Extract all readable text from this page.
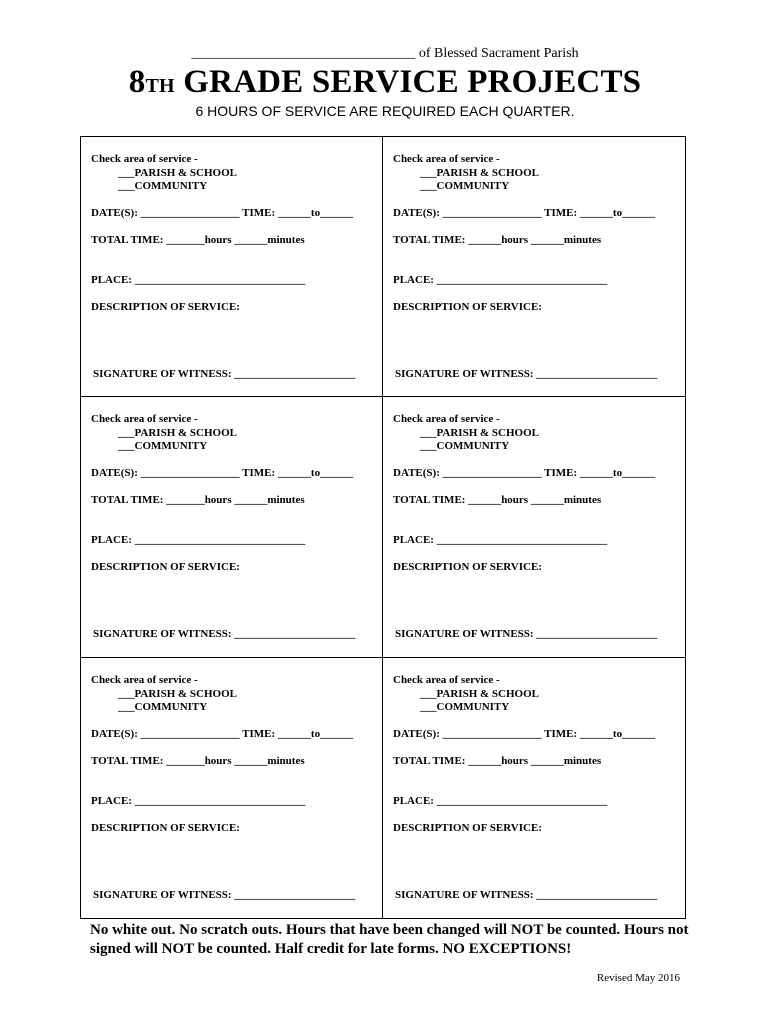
________________________________ of Blessed Sacrament Parish
8TH GRADE SERVICE PROJECTS
6 HOURS OF SERVICE ARE REQUIRED EACH QUARTER.
Check area of service -
___PARISH & SCHOOL
___COMMUNITY
DATE(S): __________________ TIME: ______to______
TOTAL TIME: _______hours ______minutes
PLACE: _______________________________
DESCRIPTION OF SERVICE:
SIGNATURE OF WITNESS: ______________________
Check area of service -
___PARISH & SCHOOL
___COMMUNITY
DATE(S): __________________ TIME: ______to______
TOTAL TIME: ______hours ______minutes
PLACE: _______________________________
DESCRIPTION OF SERVICE:
SIGNATURE OF WITNESS: ______________________
Check area of service -
___PARISH & SCHOOL
___COMMUNITY
DATE(S): __________________ TIME: ______to______
TOTAL TIME: _______hours ______minutes
PLACE: _______________________________
DESCRIPTION OF SERVICE:
SIGNATURE OF WITNESS: ______________________
Check area of service -
___PARISH & SCHOOL
___COMMUNITY
DATE(S): __________________ TIME: ______to______
TOTAL TIME: ______hours ______minutes
PLACE: _______________________________
DESCRIPTION OF SERVICE:
SIGNATURE OF WITNESS: ______________________
Check area of service -
___PARISH & SCHOOL
___COMMUNITY
DATE(S): __________________ TIME: ______to______
TOTAL TIME: _______hours ______minutes
PLACE: _______________________________
DESCRIPTION OF SERVICE:
SIGNATURE OF WITNESS: ______________________
Check area of service -
___PARISH & SCHOOL
___COMMUNITY
DATE(S): __________________ TIME: ______to______
TOTAL TIME: ______hours ______minutes
PLACE: _______________________________
DESCRIPTION OF SERVICE:
SIGNATURE OF WITNESS: ______________________
No white out. No scratch outs. Hours that have been changed will NOT be counted. Hours not signed will NOT be counted. Half credit for late forms. NO EXCEPTIONS!
Revised May 2016
